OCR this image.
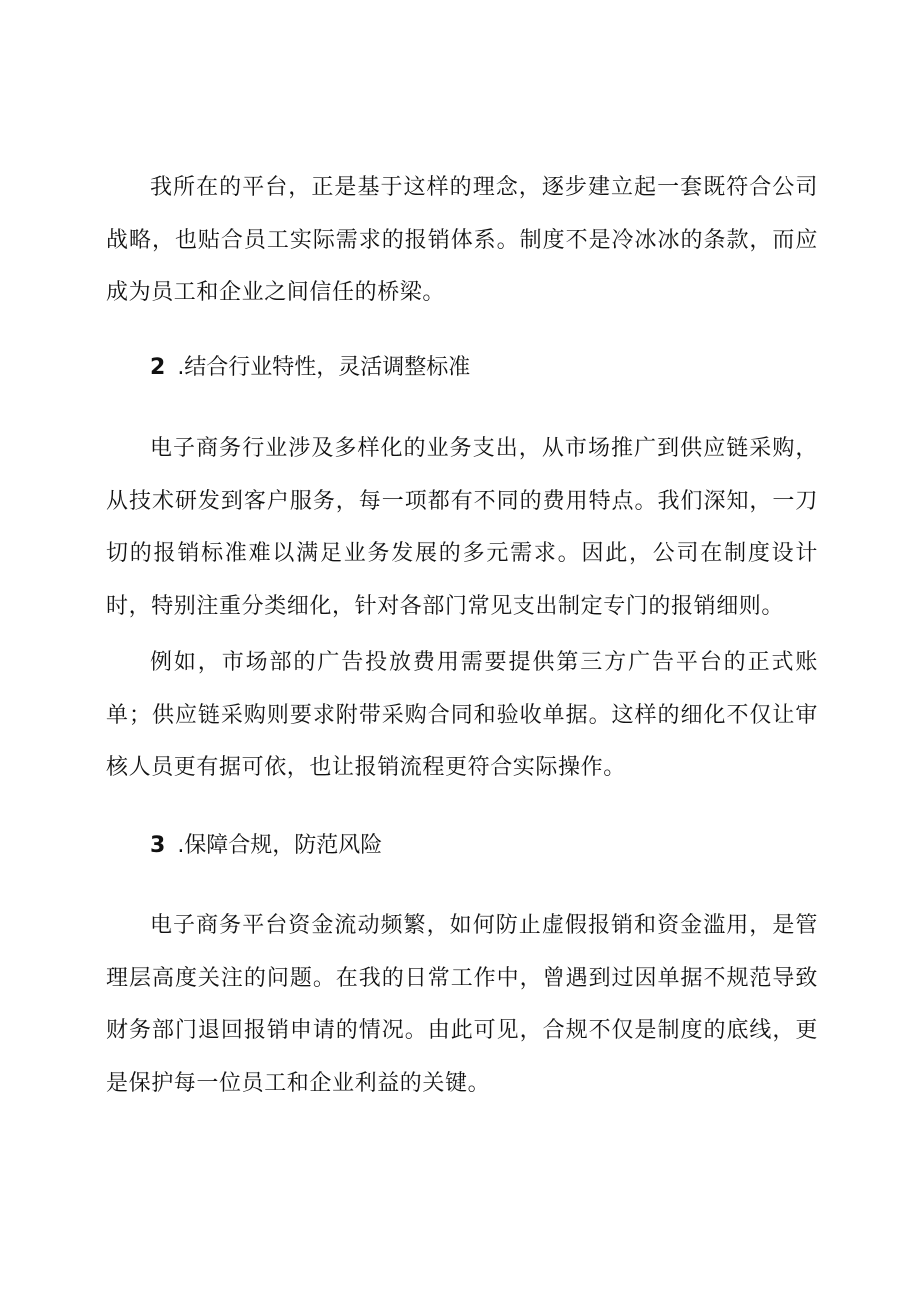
我所在的平台，正是基于这样的理念，逐步建立起一套既符合公司战略，也贴合员工实际需求的报销体系。制度不是冷冰冰的条款，而应成为员工和企业之间信任的桥梁。

2 .结合行业特性，灵活调整标准

电子商务行业涉及多样化的业务支出，从市场推广到供应链采购，从技术研发到客户服务，每一项都有不同的费用特点。我们深知，一刀切的报销标准难以满足业务发展的多元需求。因此，公司在制度设计时，特别注重分类细化，针对各部门常见支出制定专门的报销细则。

例如，市场部的广告投放费用需要提供第三方广告平台的正式账单；供应链采购则要求附带采购合同和验收单据。这样的细化不仅让审核人员更有据可依，也让报销流程更符合实际操作。

3 .保障合规，防范风险

电子商务平台资金流动频繁，如何防止虚假报销和资金滥用，是管理层高度关注的问题。在我的日常工作中，曾遇到过因单据不规范导致财务部门退回报销申请的情况。由此可见，合规不仅是制度的底线，更是保护每一位员工和企业利益的关键。
